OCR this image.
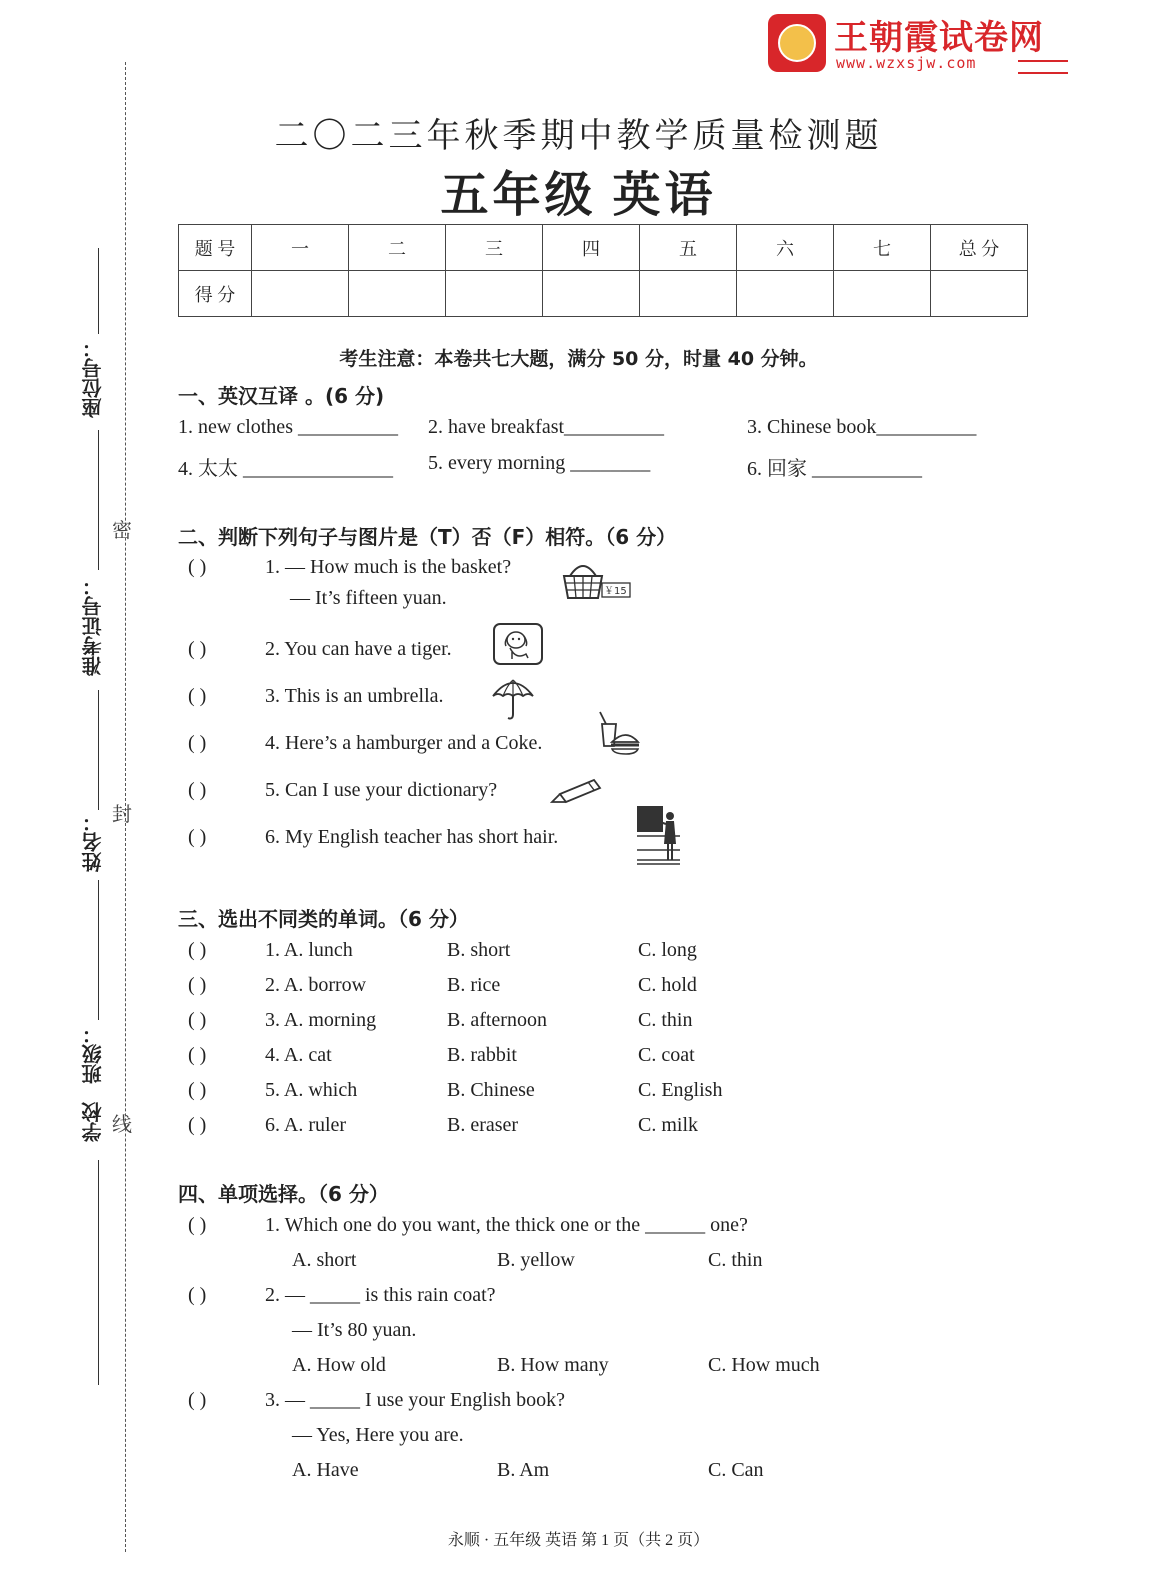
王朝霞试卷网
www.wzxsjw.com
座位号：
准考证号：
姓名：
班级：
学校
密
封
线
二〇二三年秋季期中教学质量检测题
五年级 英语
题 号	一	二	三	四	五	六	七	总 分
得 分								
考生注意：本卷共七大题，满分 50 分，时量 40 分钟。
一、英汉互译 。(6 分)
1. new clothes __________ 2. have breakfast__________	3. Chinese book__________
4. 太太 _______________ 5. every morning ________	6. 回家 ___________
二、判断下列句子与图片是（T）否（F）相符。（6 分）
( )	1. — How much is the basket?
— It’s fifteen yuan.	￥15
( )	2. You can have a tiger.
( )	3. This is an umbrella.
( )	4. Here’s a hamburger and a Coke.
( )	5. Can I use your dictionary?
( )	6. My English teacher has short hair.
三、选出不同类的单词。（6 分）
( )	1. A. lunch	B. short	C. long
( )	2. A. borrow	B. rice	C. hold
( )	3. A. morning	B. afternoon	C. thin
( )	4. A. cat	B. rabbit	C. coat
( )	5. A. which	B. Chinese	C. English
( )	6. A. ruler	B. eraser	C. milk
四、单项选择。（6 分）
( )	1. Which one do you want, the thick one or the ______ one?
A. short	B. yellow	C. thin
( )	2. — _____ is this rain coat?
— It’s 80 yuan.
A. How old	B. How many	C. How much
( )	3. — _____ I use your English book?
— Yes, Here you are.
A. Have	B. Am	C. Can
永顺 · 五年级 英语 第 1 页（共 2 页）
